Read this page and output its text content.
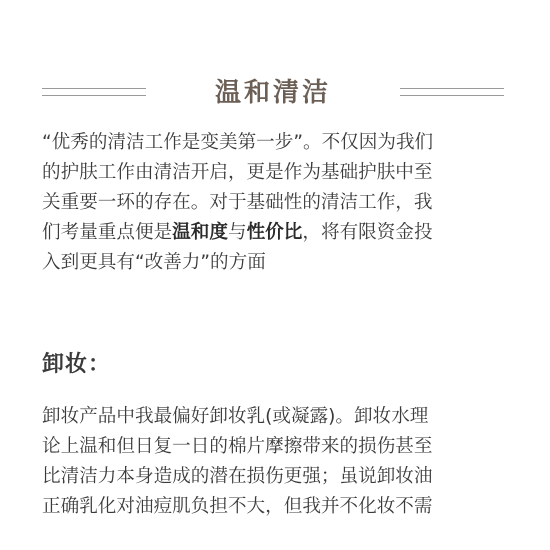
温和清洁
“优秀的清洁工作是变美第一步”。不仅因为我们
的护肤工作由清洁开启，更是作为基础护肤中至
关重要一环的存在。对于基础性的清洁工作，我
们考量重点便是温和度与性价比，将有限资金投
入到更具有“改善力”的方面
卸妆：
卸妆产品中我最偏好卸妆乳(或凝露)。卸妆水理
论上温和但日复一日的棉片摩擦带来的损伤甚至
比清洁力本身造成的潜在损伤更强；虽说卸妆油
正确乳化对油痘肌负担不大，但我并不化妆不需
